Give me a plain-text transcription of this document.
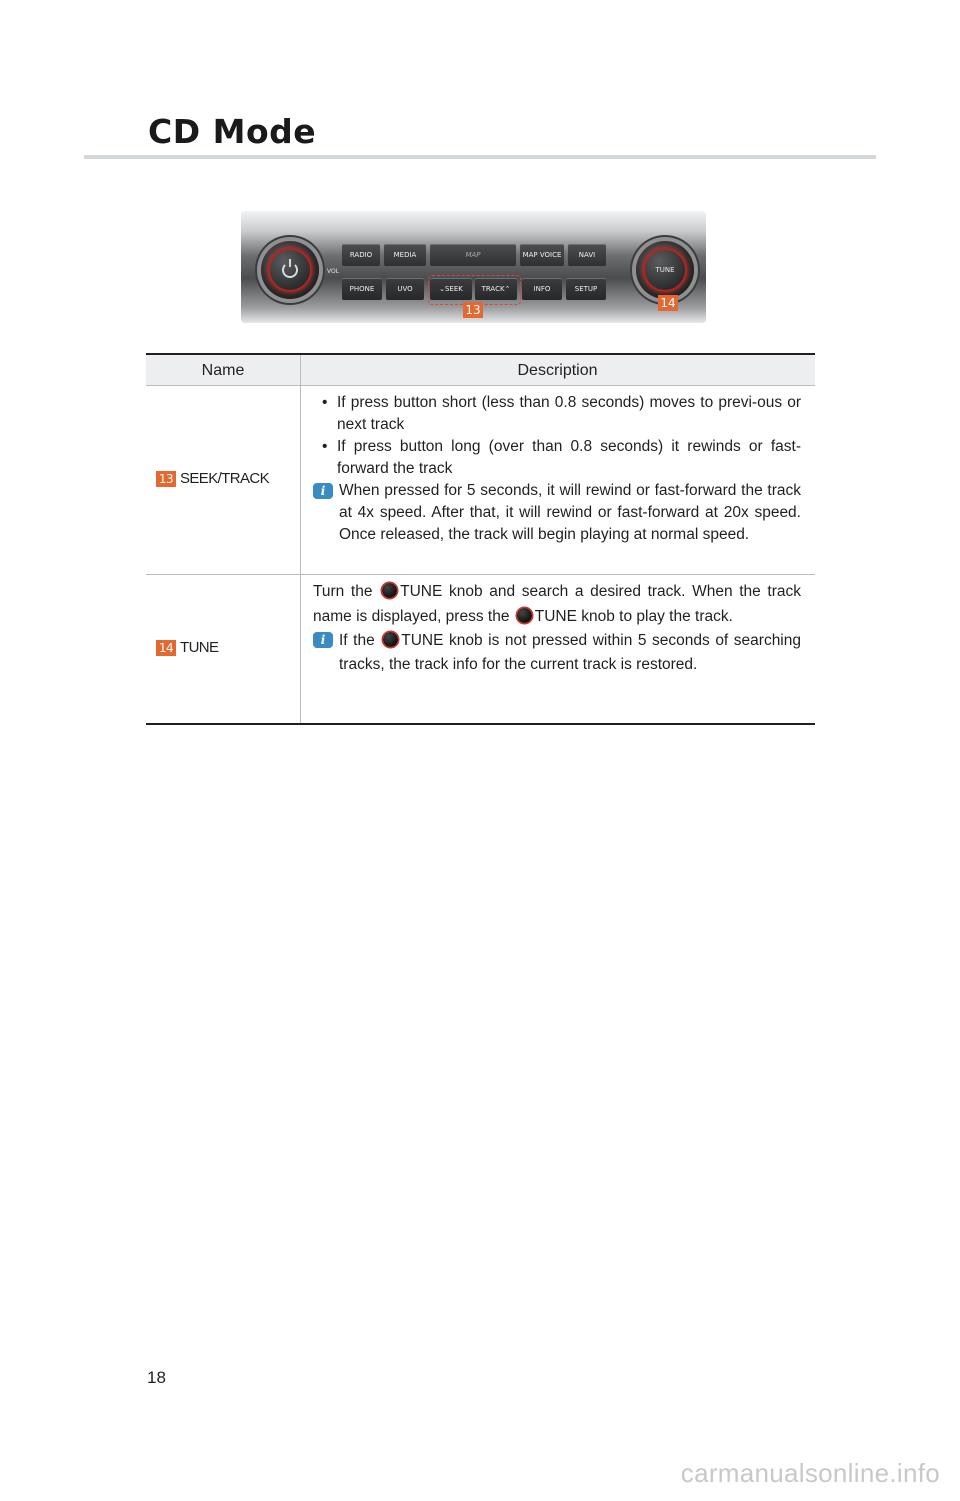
CD Mode
VOL
RADIO	MEDIA	MAP	MAP VOICE	NAVI
PHONE	UVO	⌄SEEK	TRACK⌃	INFO	SETUP
TUNE
13	14
Name	Description
13 SEEK/TRACK
• If press button short (less than 0.8 seconds) moves to previ-ous or next track
• If press button long (over than 0.8 seconds) it rewinds or fast-forward the track
i When pressed for 5 seconds, it will rewind or fast-forward the track at 4x speed. After that, it will rewind or fast-forward at 20x speed. Once released, the track will begin playing at normal speed.
14 TUNE
Turn the TUNE knob and search a desired track. When the track name is displayed, press the TUNE knob to play the track.
i If the TUNE knob is not pressed within 5 seconds of searching tracks, the track info for the current track is restored.
18
carmanualsonline.info
